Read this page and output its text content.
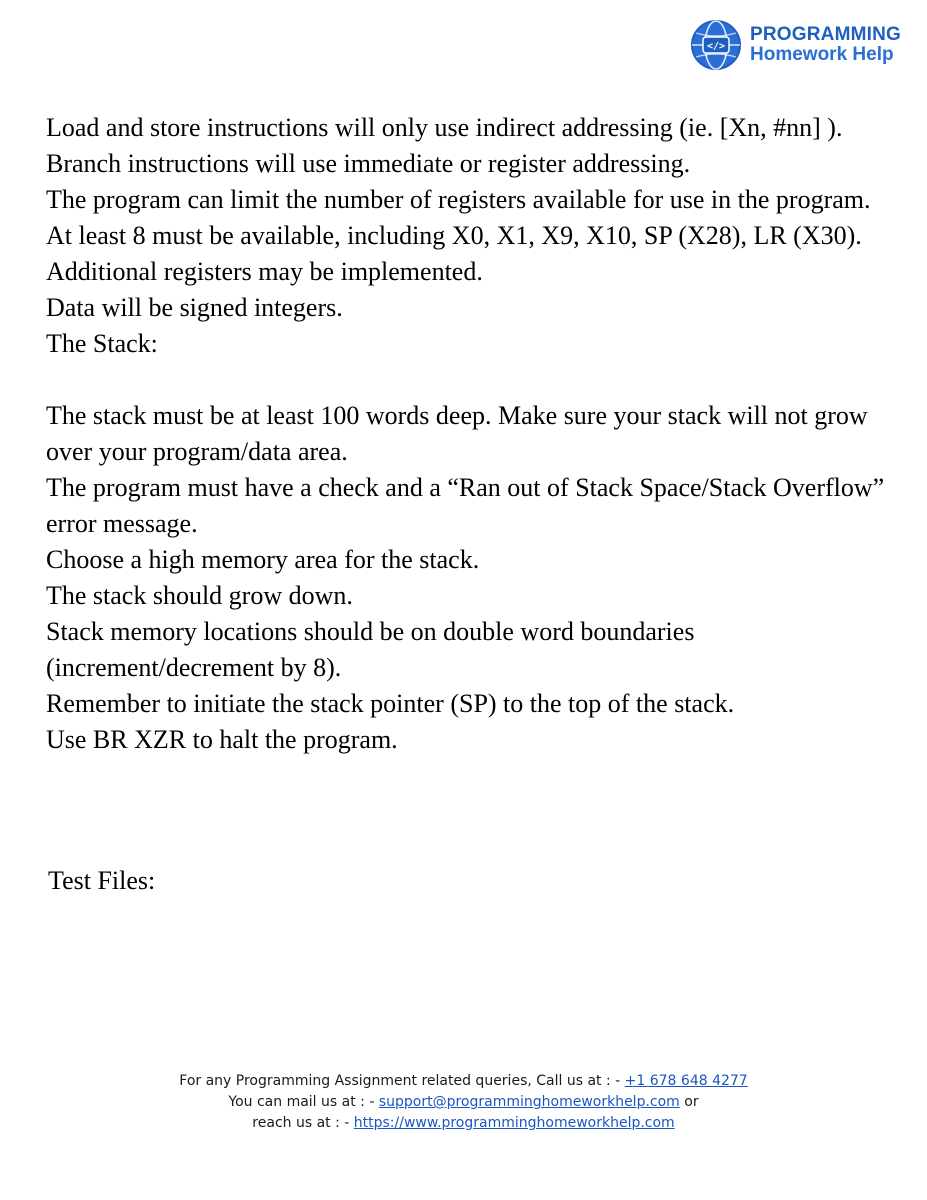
</>
PROGRAMMING
Homework Help

Load and store instructions will only use indirect addressing (ie. [Xn, #nn] ).

Branch instructions will use immediate or register addressing.

The program can limit the number of registers available for use in the program. At least 8 must be available, including X0, X1, X9, X10, SP (X28), LR (X30). Additional registers may be implemented.

Data will be signed integers.

The Stack:

The stack must be at least 100 words deep. Make sure your stack will not grow over your program/data area.

The program must have a check and a “Ran out of Stack Space/Stack Overflow” error message.

Choose a high memory area for the stack.

The stack should grow down.

Stack memory locations should be on double word boundaries (increment/decrement by 8).

Remember to initiate the stack pointer (SP) to the top of the stack.

Use BR XZR to halt the program.

Test Files:

For any Programming Assignment related queries, Call us at : - +1 678 648 4277

You can mail us at : - support@programminghomeworkhelp.com or

reach us at : - https://www.programminghomeworkhelp.com
